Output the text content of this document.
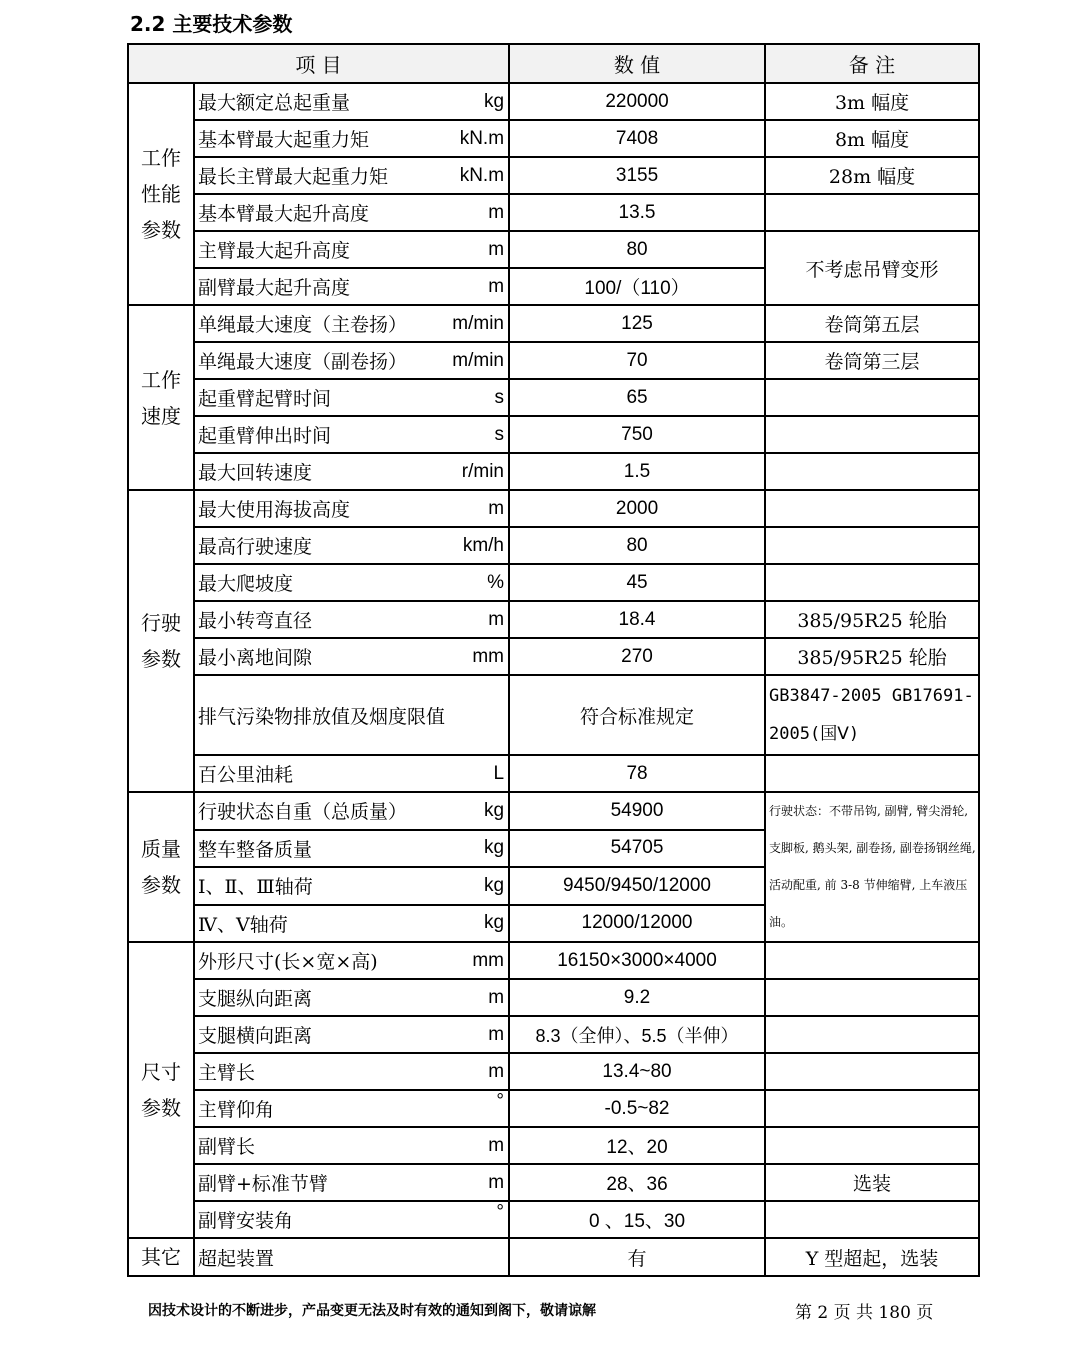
2.2 主要技术参数
项 目		数 值	备 注

工作性能参数	最大额定总起重量 kg	220000	3m 幅度
	基本臂最大起重力矩 kN.m	7408	8m 幅度
	最长主臂最大起重力矩 kN.m	3155	28m 幅度
	基本臂最大起升高度 m	13.5	
	主臂最大起升高度 m	80	不考虑吊臂变形
	副臂最大起升高度 m	100/（110）	

工作速度	单绳最大速度（主卷扬） m/min	125	卷筒第五层
	单绳最大速度（副卷扬） m/min	70	卷筒第三层
	起重臂起臂时间 s	65	
	起重臂伸出时间 s	750	
	最大回转速度 r/min	1.5	

行驶参数	最大使用海拔高度 m	2000	
	最高行驶速度 km/h	80	
	最大爬坡度 %	45	
	最小转弯直径 m	18.4	385/95R25 轮胎
	最小离地间隙 mm	270	385/95R25 轮胎
	排气污染物排放值及烟度限值	符合标准规定	GB3847-2005 GB17691-2005(国Ⅴ)
	百公里油耗 L	78	

质量参数	行驶状态自重（总质量） kg	54900	行驶状态：不带吊钩, 副臂, 臂尖滑轮, 支脚板, 鹅头架, 副卷扬, 副卷扬钢丝绳, 活动配重, 前 3-8 节伸缩臂, 上车液压油。
	整车整备质量 kg	54705	
	Ⅰ、Ⅱ、Ⅲ轴荷 kg	9450/9450/12000	
	Ⅳ、Ⅴ轴荷 kg	12000/12000	

尺寸参数	外形尺寸(长×宽×高) mm	16150×3000×4000	
	支腿纵向距离 m	9.2	
	支腿横向距离 m	8.3（全伸）、5.5（半伸）	
	主臂长 m	13.4~80	
	主臂仰角 °	-0.5~82	
	副臂长 m	12、20	
	副臂+标准节臂 m	28、36	选装
	副臂安装角 °	0 、15、30	
其它	超起装置	有	Y 型超起，选装
因技术设计的不断进步，产品变更无法及时有效的通知到阁下，敬请谅解	第 2 页 共 180 页
